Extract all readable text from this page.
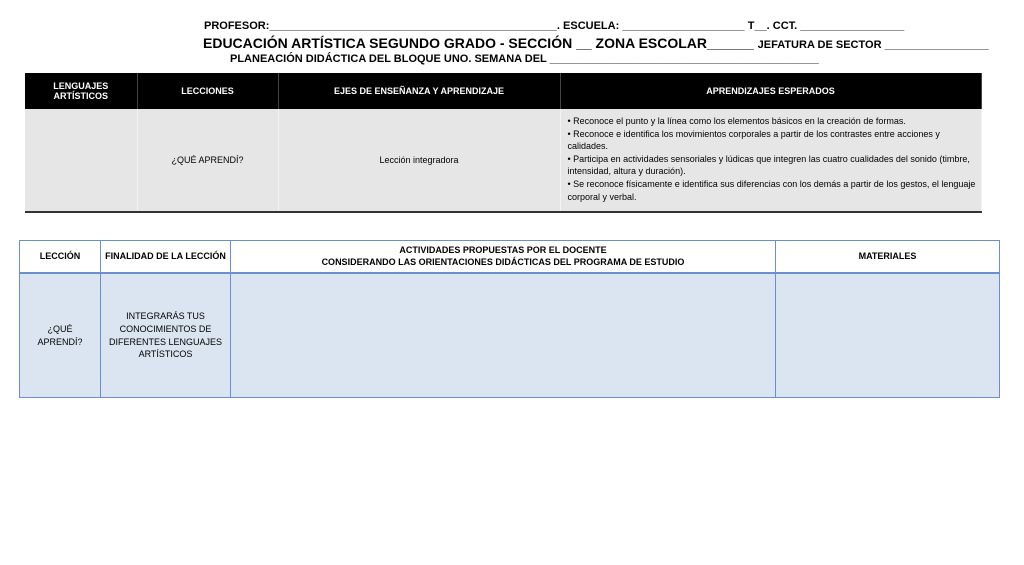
PROFESOR:_______________________________________________. ESCUELA: ____________________ T__. CCT. _________________
EDUCACIÓN ARTÍSTICA SEGUNDO GRADO - SECCIÓN __ ZONA ESCOLAR______ JEFATURA DE SECTOR _________________
PLANEACIÓN DIDÁCTICA DEL BLOQUE UNO. SEMANA DEL ____________________________________________
LENGUAJES ARTÍSTICOS	LECCIONES	EJES DE ENSEÑANZA Y APRENDIZAJE	APRENDIZAJES ESPERADOS
	¿QUÉ APRENDÍ?	Lección integradora	• Reconoce el punto y la línea como los elementos básicos en la creación de formas.
• Reconoce e identifica los movimientos corporales a partir de los contrastes entre acciones y calidades.
• Participa en actividades sensoriales y lúdicas que integren las cuatro cualidades del sonido (timbre, intensidad, altura y duración).
• Se reconoce físicamente e identifica sus diferencias con los demás a partir de los gestos, el lenguaje corporal y verbal.
LECCIÓN	FINALIDAD DE LA LECCIÓN	ACTIVIDADES PROPUESTAS POR EL DOCENTE
CONSIDERANDO LAS ORIENTACIONES DIDÁCTICAS DEL PROGRAMA DE ESTUDIO	MATERIALES
¿QUÉ APRENDÍ?	INTEGRARÁS TUS CONOCIMIENTOS DE DIFERENTES LENGUAJES ARTÍSTICOS		
